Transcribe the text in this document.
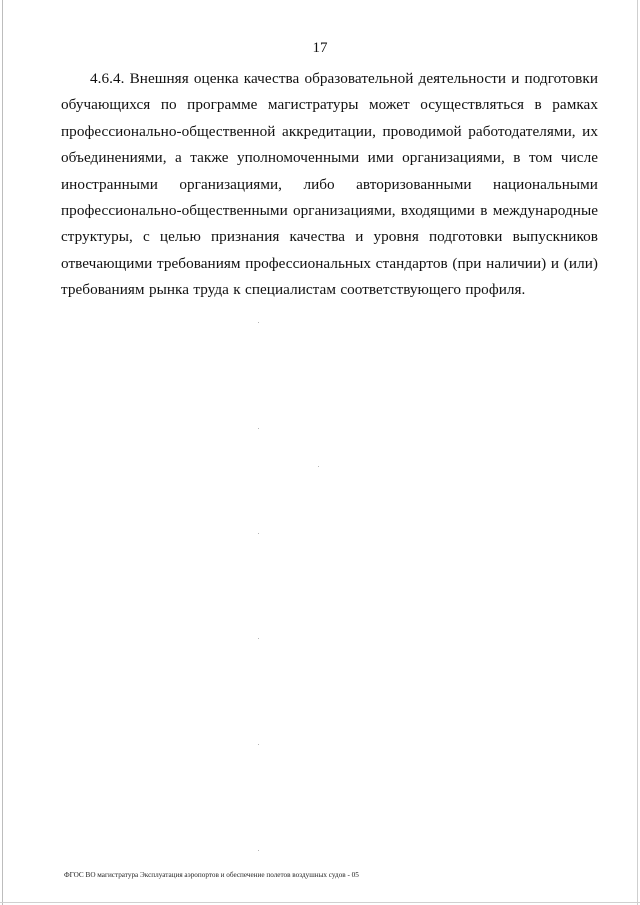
17

4.6.4. Внешняя оценка качества образовательной деятельности и подготовки обучающихся по программе магистратуры может осуществляться в рамках профессионально-общественной аккредитации, проводимой работодателями, их объединениями, а также уполномоченными ими организациями, в том числе иностранными организациями, либо авторизованными национальными профессионально-общественными организациями, входящими в международные структуры, с целью признания качества и уровня подготовки выпускников отвечающими требованиям профессиональных стандартов (при наличии) и (или) требованиям рынка труда к специалистам соответствующего профиля.

ФГОС ВО магистратура Эксплуатация аэропортов и обеспечение полетов воздушных судов - 05
